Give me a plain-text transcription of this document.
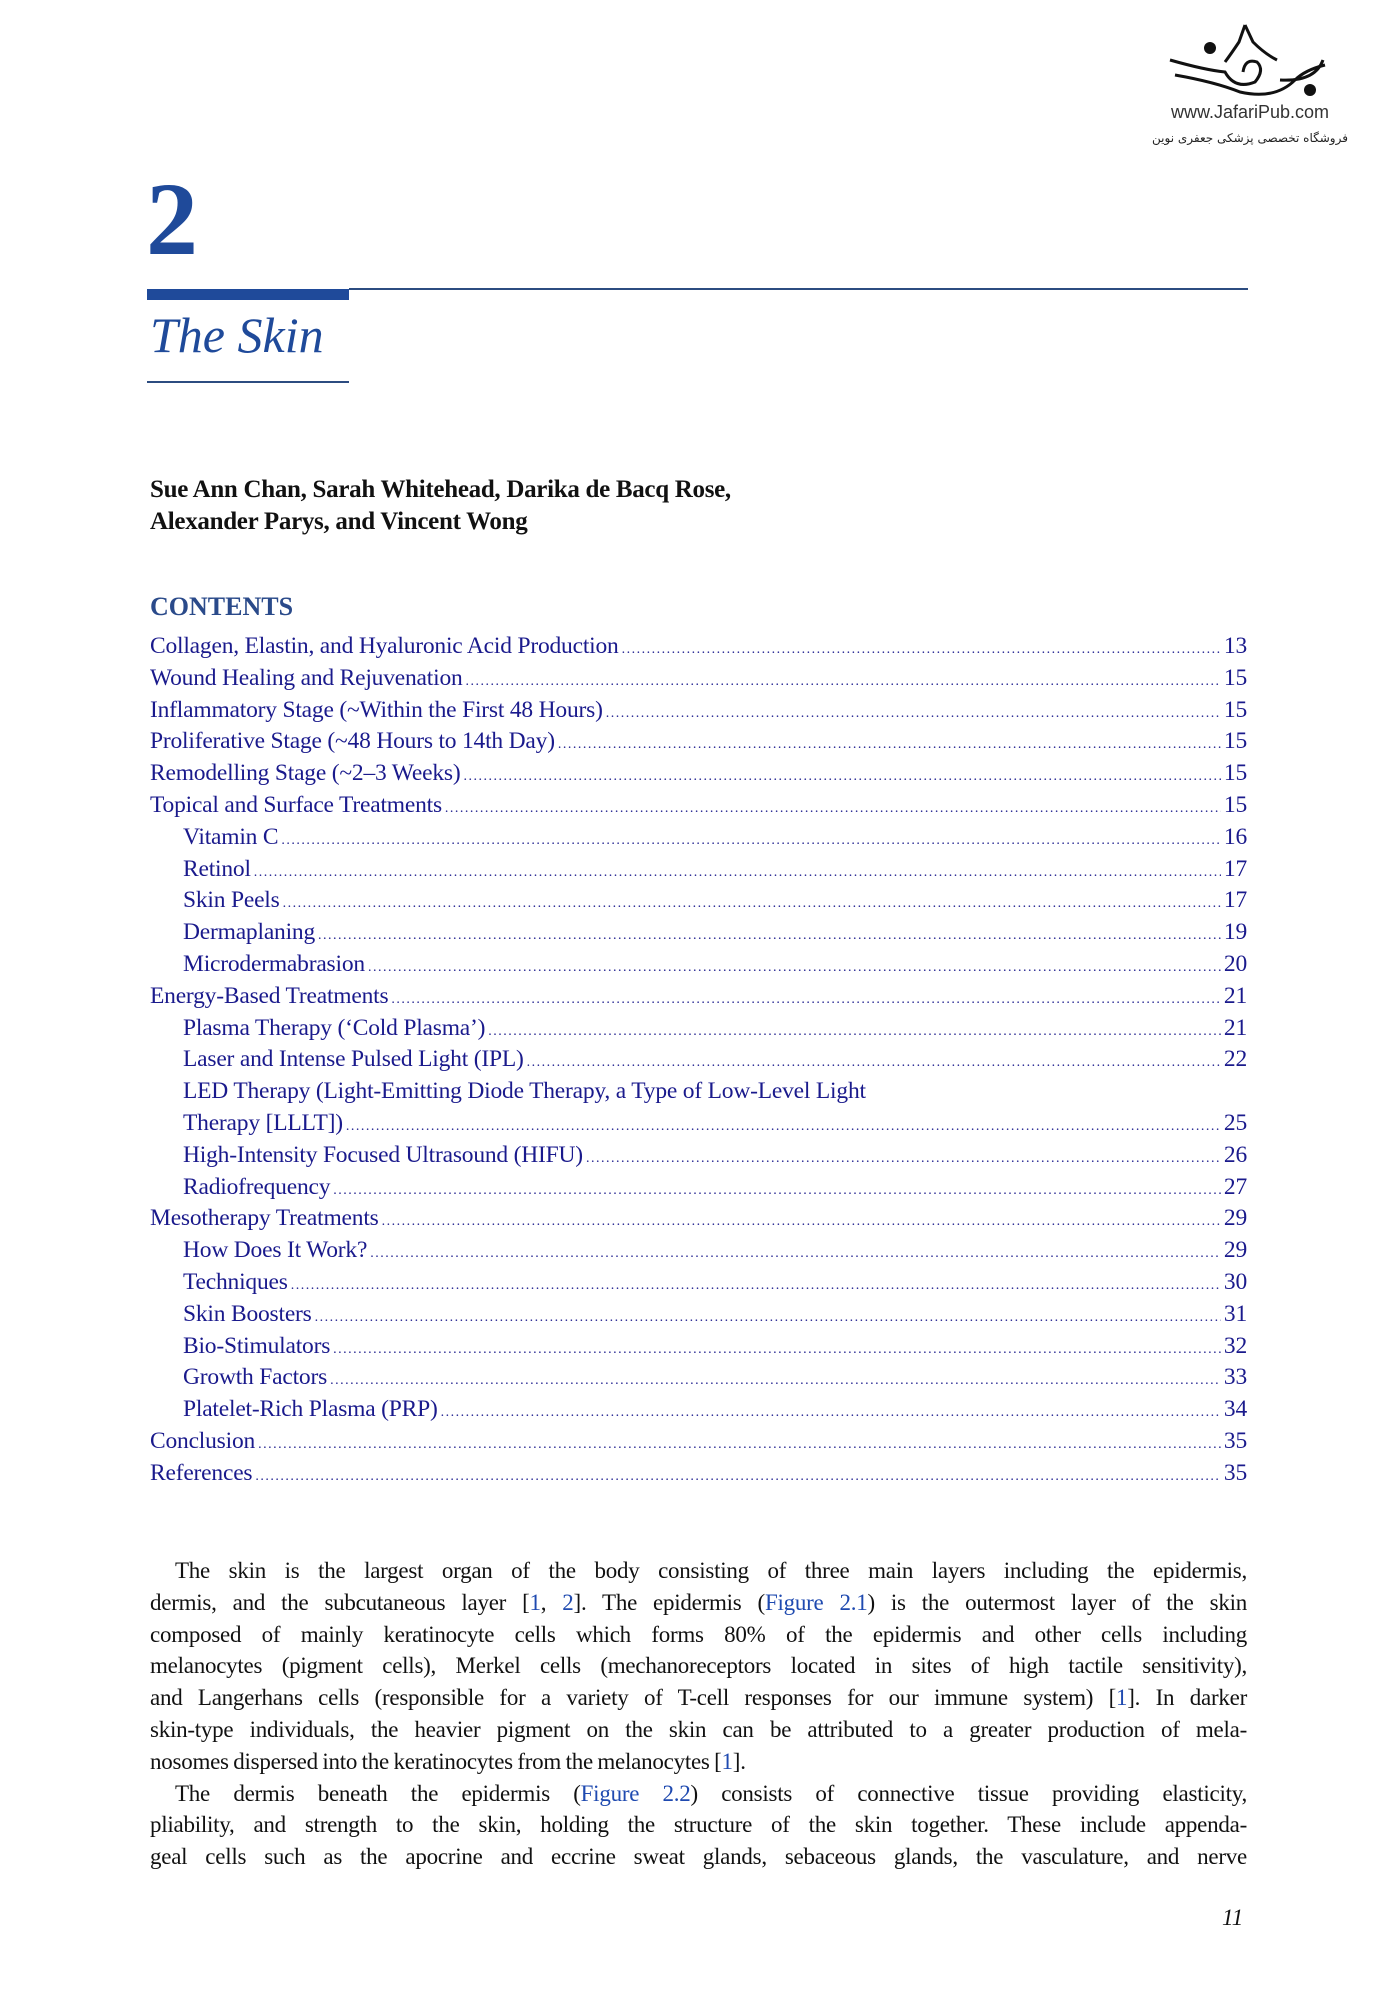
www.JafariPub.com
فروشگاه تخصصی پزشکی جعفری نوین
2
The Skin
Sue Ann Chan, Sarah Whitehead, Darika de Bacq Rose,
Alexander Parys, and Vincent Wong
CONTENTS
Collagen, Elastin, and Hyaluronic Acid Production .....	13
Wound Healing and Rejuvenation .....	15
Inflammatory Stage (~Within the First 48 Hours) .....	15
Proliferative Stage (~48 Hours to 14th Day) .....	15
Remodelling Stage (~2–3 Weeks) .....	15
Topical and Surface Treatments .....	15
Vitamin C .....	16
Retinol .....	17
Skin Peels .....	17
Dermaplaning .....	19
Microdermabrasion .....	20
Energy-Based Treatments .....	21
Plasma Therapy (‘Cold Plasma’) .....	21
Laser and Intense Pulsed Light (IPL) .....	22
LED Therapy (Light-Emitting Diode Therapy, a Type of Low-Level Light
Therapy [LLLT]) .....	25
High-Intensity Focused Ultrasound (HIFU) .....	26
Radiofrequency .....	27
Mesotherapy Treatments .....	29
How Does It Work? .....	29
Techniques .....	30
Skin Boosters .....	31
Bio-Stimulators .....	32
Growth Factors .....	33
Platelet-Rich Plasma (PRP) .....	34
Conclusion .....	35
References .....	35
The skin is the largest organ of the body consisting of three main layers including the epidermis,
dermis, and the subcutaneous layer [1, 2]. The epidermis (Figure 2.1) is the outermost layer of the skin
composed of mainly keratinocyte cells which forms 80% of the epidermis and other cells including
melanocytes (pigment cells), Merkel cells (mechanoreceptors located in sites of high tactile sensitivity),
and Langerhans cells (responsible for a variety of T-cell responses for our immune system) [1]. In darker
skin-type individuals, the heavier pigment on the skin can be attributed to a greater production of mela-
nosomes dispersed into the keratinocytes from the melanocytes [1].
The dermis beneath the epidermis (Figure 2.2) consists of connective tissue providing elasticity,
pliability, and strength to the skin, holding the structure of the skin together. These include appenda-
geal cells such as the apocrine and eccrine sweat glands, sebaceous glands, the vasculature, and nerve
11
